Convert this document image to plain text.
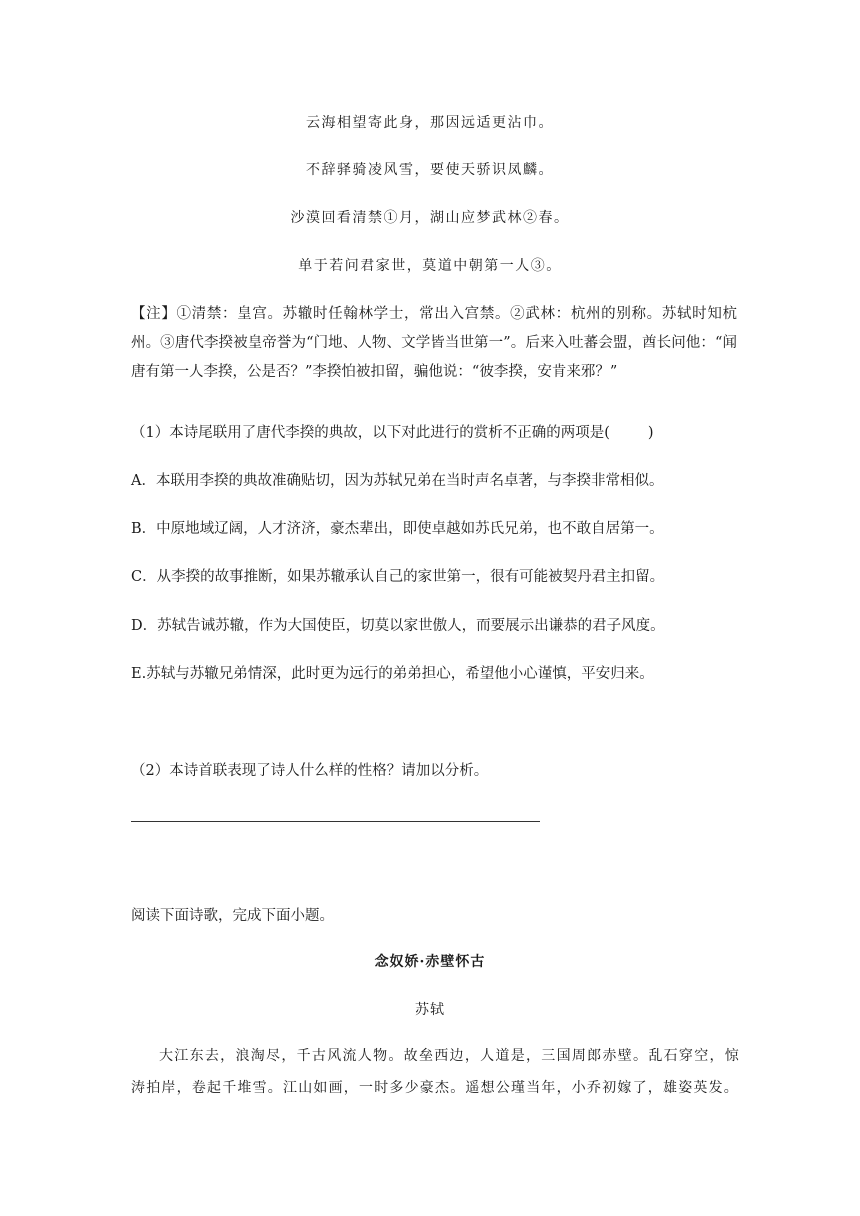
云海相望寄此身，那因远适更沾巾。
不辞驿骑凌风雪，要使天骄识凤麟。
沙漠回看清禁①月，湖山应梦武林②春。
单于若问君家世，莫道中朝第一人③。
【注】①清禁：皇宫。苏辙时任翰林学士，常出入宫禁。②武林：杭州的别称。苏轼时知杭州。③唐代李揆被皇帝誉为“门地、人物、文学皆当世第一”。后来入吐蕃会盟，酋长问他：“闻唐有第一人李揆，公是否？”李揆怕被扣留，骗他说：“彼李揆，安肯来邪？”
（1）本诗尾联用了唐代李揆的典故，以下对此进行的赏析不正确的两项是(	)
A．本联用李揆的典故准确贴切，因为苏轼兄弟在当时声名卓著，与李揆非常相似。
B．中原地域辽阔，人才济济，豪杰辈出，即使卓越如苏氏兄弟，也不敢自居第一。
C．从李揆的故事推断，如果苏辙承认自己的家世第一，很有可能被契丹君主扣留。
D．苏轼告诫苏辙，作为大国使臣，切莫以家世傲人，而要展示出谦恭的君子风度。
E.苏轼与苏辙兄弟情深，此时更为远行的弟弟担心，希望他小心谨慎，平安归来。
（2）本诗首联表现了诗人什么样的性格？请加以分析。
阅读下面诗歌，完成下面小题。
念奴娇·赤壁怀古
苏轼
大江东去，浪淘尽，千古风流人物。故垒西边，人道是，三国周郎赤壁。乱石穿空，惊涛拍岸，卷起千堆雪。江山如画，一时多少豪杰。遥想公瑾当年，小乔初嫁了，雄姿英发。
